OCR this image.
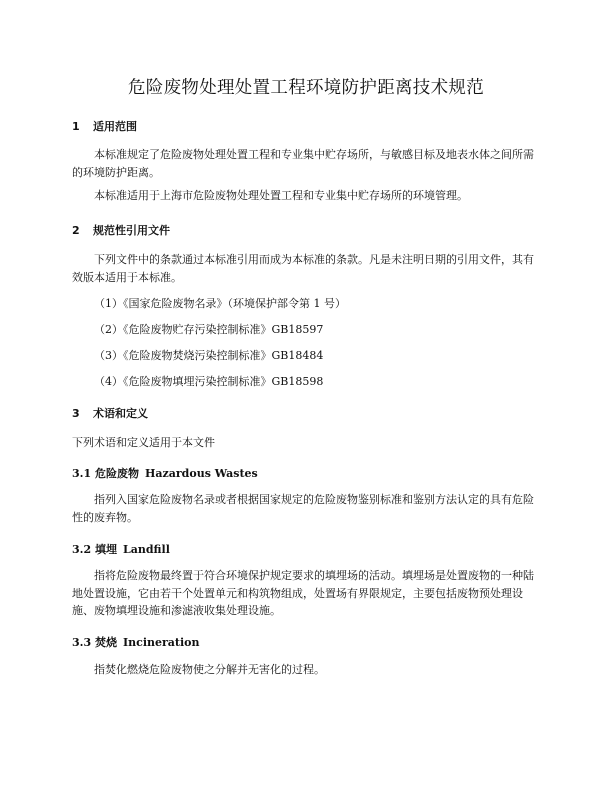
危险废物处理处置工程环境防护距离技术规范
1 适用范围
本标准规定了危险废物处理处置工程和专业集中贮存场所，与敏感目标及地表水体之间所需的环境防护距离。
本标准适用于上海市危险废物处理处置工程和专业集中贮存场所的环境管理。
2 规范性引用文件
下列文件中的条款通过本标准引用而成为本标准的条款。凡是未注明日期的引用文件，其有效版本适用于本标准。
（1）《国家危险废物名录》（环境保护部令第 1 号）
（2）《危险废物贮存污染控制标准》GB18597
（3）《危险废物焚烧污染控制标准》GB18484
（4）《危险废物填埋污染控制标准》GB18598
3 术语和定义
下列术语和定义适用于本文件
3.1 危险废物 Hazardous Wastes
指列入国家危险废物名录或者根据国家规定的危险废物鉴别标准和鉴别方法认定的具有危险性的废弃物。
3.2 填埋 Landfill
指将危险废物最终置于符合环境保护规定要求的填埋场的活动。填埋场是处置废物的一种陆地处置设施，它由若干个处置单元和构筑物组成，处置场有界限规定，主要包括废物预处理设施、废物填埋设施和渗滤液收集处理设施。
3.3 焚烧 Incineration
指焚化燃烧危险废物使之分解并无害化的过程。
